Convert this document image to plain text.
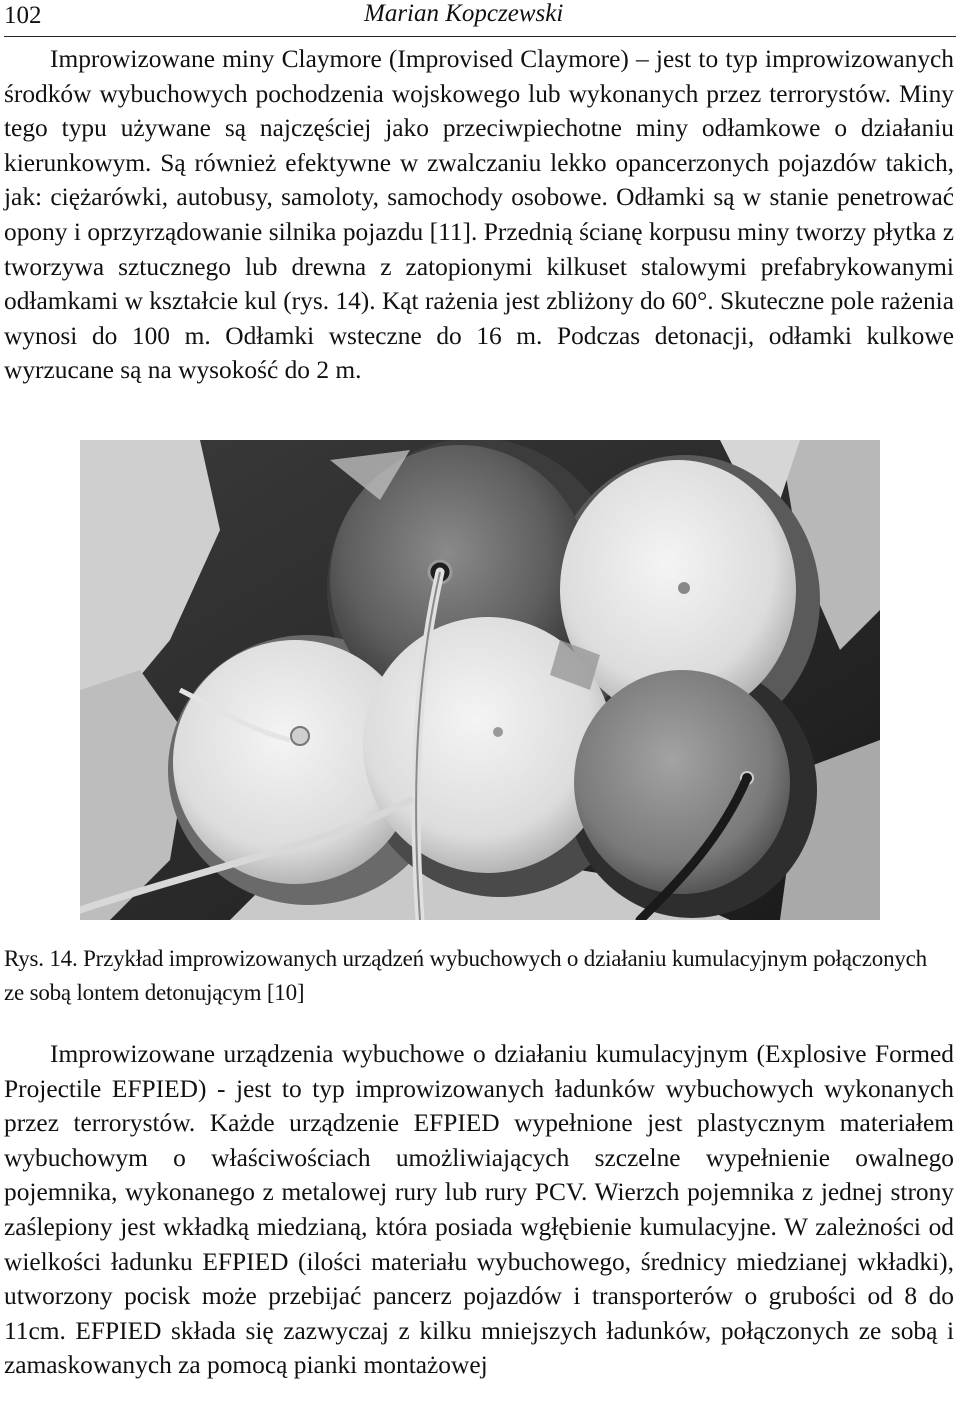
102	Marian Kopczewski

Improwizowane miny Claymore (Improvised Claymore) – jest to typ improwizowanych środków wybuchowych pochodzenia wojskowego lub wykonanych przez terrorystów. Miny tego typu używane są najczęściej jako przeciwpiechotne miny odłamkowe o działaniu kierunkowym. Są również efektywne w zwalczaniu lekko opancerzonych pojazdów takich, jak: ciężarówki, autobusy, samoloty, samochody osobowe. Odłamki są w stanie penetrować opony i oprzyrządowanie silnika pojazdu [11]. Przednią ścianę korpusu miny tworzy płytka z tworzywa sztucznego lub drewna z zatopionymi kilkuset stalowymi prefabrykowanymi odłamkami w kształcie kul (rys. 14). Kąt rażenia jest zbliżony do 60°. Skuteczne pole rażenia wynosi do 100 m. Odłamki wsteczne do 16 m. Podczas detonacji, odłamki kulkowe wyrzucane są na wysokość do 2 m.

Rys. 14. Przykład improwizowanych urządzeń wybuchowych o działaniu kumulacyjnym połączonych ze sobą lontem detonującym [10]

Improwizowane urządzenia wybuchowe o działaniu kumulacyjnym (Explosive Formed Projectile EFPIED) - jest to typ improwizowanych ładunków wybuchowych wykonanych przez terrorystów. Każde urządzenie EFPIED wypełnione jest plastycznym materiałem wybuchowym o właściwościach umożliwiających szczelne wypełnienie owalnego pojemnika, wykonanego z metalowej rury lub rury PCV. Wierzch pojemnika z jednej strony zaślepiony jest wkładką miedzianą, która posiada wgłębienie kumulacyjne. W zależności od wielkości ładunku EFPIED (ilości materiału wybuchowego, średnicy miedzianej wkładki), utworzony pocisk może przebijać pancerz pojazdów i transporterów o grubości od 8 do 11cm. EFPIED składa się zazwyczaj z kilku mniejszych ładunków, połączonych ze sobą i zamaskowanych za pomocą pianki montażowej
